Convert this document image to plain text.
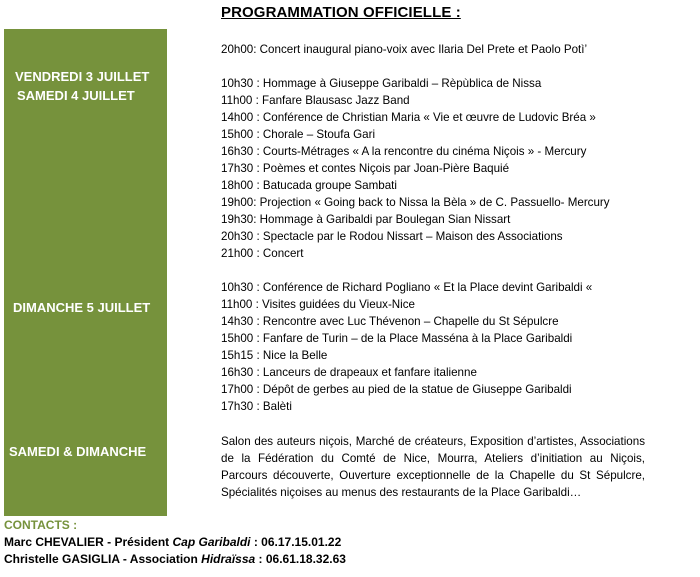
PROGRAMMATION OFFICIELLE :
VENDREDI 3 JUILLET
SAMEDI 4 JUILLET
DIMANCHE 5 JUILLET
SAMEDI & DIMANCHE
20h00: Concert inaugural piano-voix avec Ilaria Del Prete et Paolo Potì’
10h30 : Hommage à Giuseppe Garibaldi – Rèpùblica de Nissa
11h00 : Fanfare Blausasc Jazz Band
14h00 : Conférence de Christian Maria « Vie et œuvre de Ludovic Bréa »
15h00 : Chorale – Stoufa Gari
16h30 : Courts-Métrages « A la rencontre du cinéma Niçois » - Mercury
17h30 : Poèmes et contes Niçois par Joan-Pière Baquié
18h00 : Batucada groupe Sambati
19h00: Projection « Going back to Nissa la Bèla » de C. Passuello- Mercury
19h30: Hommage à Garibaldi par Boulegan Sian Nissart
20h30 : Spectacle par le Rodou Nissart – Maison des Associations
21h00 : Concert
10h30 : Conférence de Richard Pogliano « Et la Place devint Garibaldi «
11h00 : Visites guidées du Vieux-Nice
14h30 : Rencontre avec Luc Thévenon – Chapelle du St Sépulcre
15h00 : Fanfare de Turin – de la Place Masséna à la Place Garibaldi
15h15 : Nice la Belle
16h30 : Lanceurs de drapeaux et fanfare italienne
17h00 : Dépôt de gerbes au pied de la statue de Giuseppe Garibaldi
17h30 : Balèti
Salon des auteurs niçois, Marché de créateurs, Exposition d’artistes, Associations de la Fédération du Comté de Nice, Mourra, Ateliers d’initiation au Niçois, Parcours découverte, Ouverture exceptionnelle de la Chapelle du St Sépulcre, Spécialités niçoises au menus des restaurants de la Place Garibaldi…
CONTACTS :
Marc CHEVALIER - Président Cap Garibaldi : 06.17.15.01.22
Christelle GASIGLIA - Association Hidraïssa : 06.61.18.32.63
